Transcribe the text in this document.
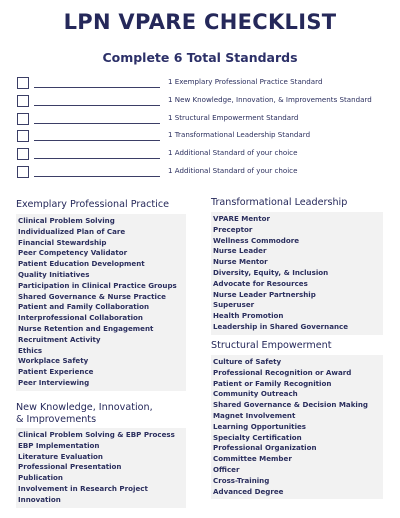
LPN VPARE CHECKLIST
Complete 6 Total Standards
1 Exemplary Professional Practice Standard
1 New Knowledge, Innovation, & Improvements Standard
1 Structural Empowerment Standard
1 Transformational Leadership Standard
1 Additional Standard of your choice
1 Additional Standard of your choice
Exemplary Professional Practice
Clinical Problem Solving
Individualized Plan of Care
Financial Stewardship
Peer Competency Validator
Patient Education Development
Quality Initiatives
Participation in Clinical Practice Groups
Shared Governance & Nurse Practice
Patient and Family Collaboration
Interprofessional Collaboration
Nurse Retention and Engagement
Recruitment Activity
Ethics
Workplace Safety
Patient Experience
Peer Interviewing
New Knowledge, Innovation,
& Improvements
Clinical Problem Solving & EBP Process
EBP Implementation
Literature Evaluation
Professional Presentation
Publication
Involvement in Research Project
Innovation
Transformational Leadership
VPARE Mentor
Preceptor
Wellness Commodore
Nurse Leader
Nurse Mentor
Diversity, Equity, & Inclusion
Advocate for Resources
Nurse Leader Partnership
Superuser
Health Promotion
Leadership in Shared Governance
Structural Empowerment
Culture of Safety
Professional Recognition or Award
Patient or Family Recognition
Community Outreach
Shared Governance & Decision Making
Magnet Involvement
Learning Opportunities
Specialty Certification
Professional Organization
Committee Member
Officer
Cross-Training
Advanced Degree
